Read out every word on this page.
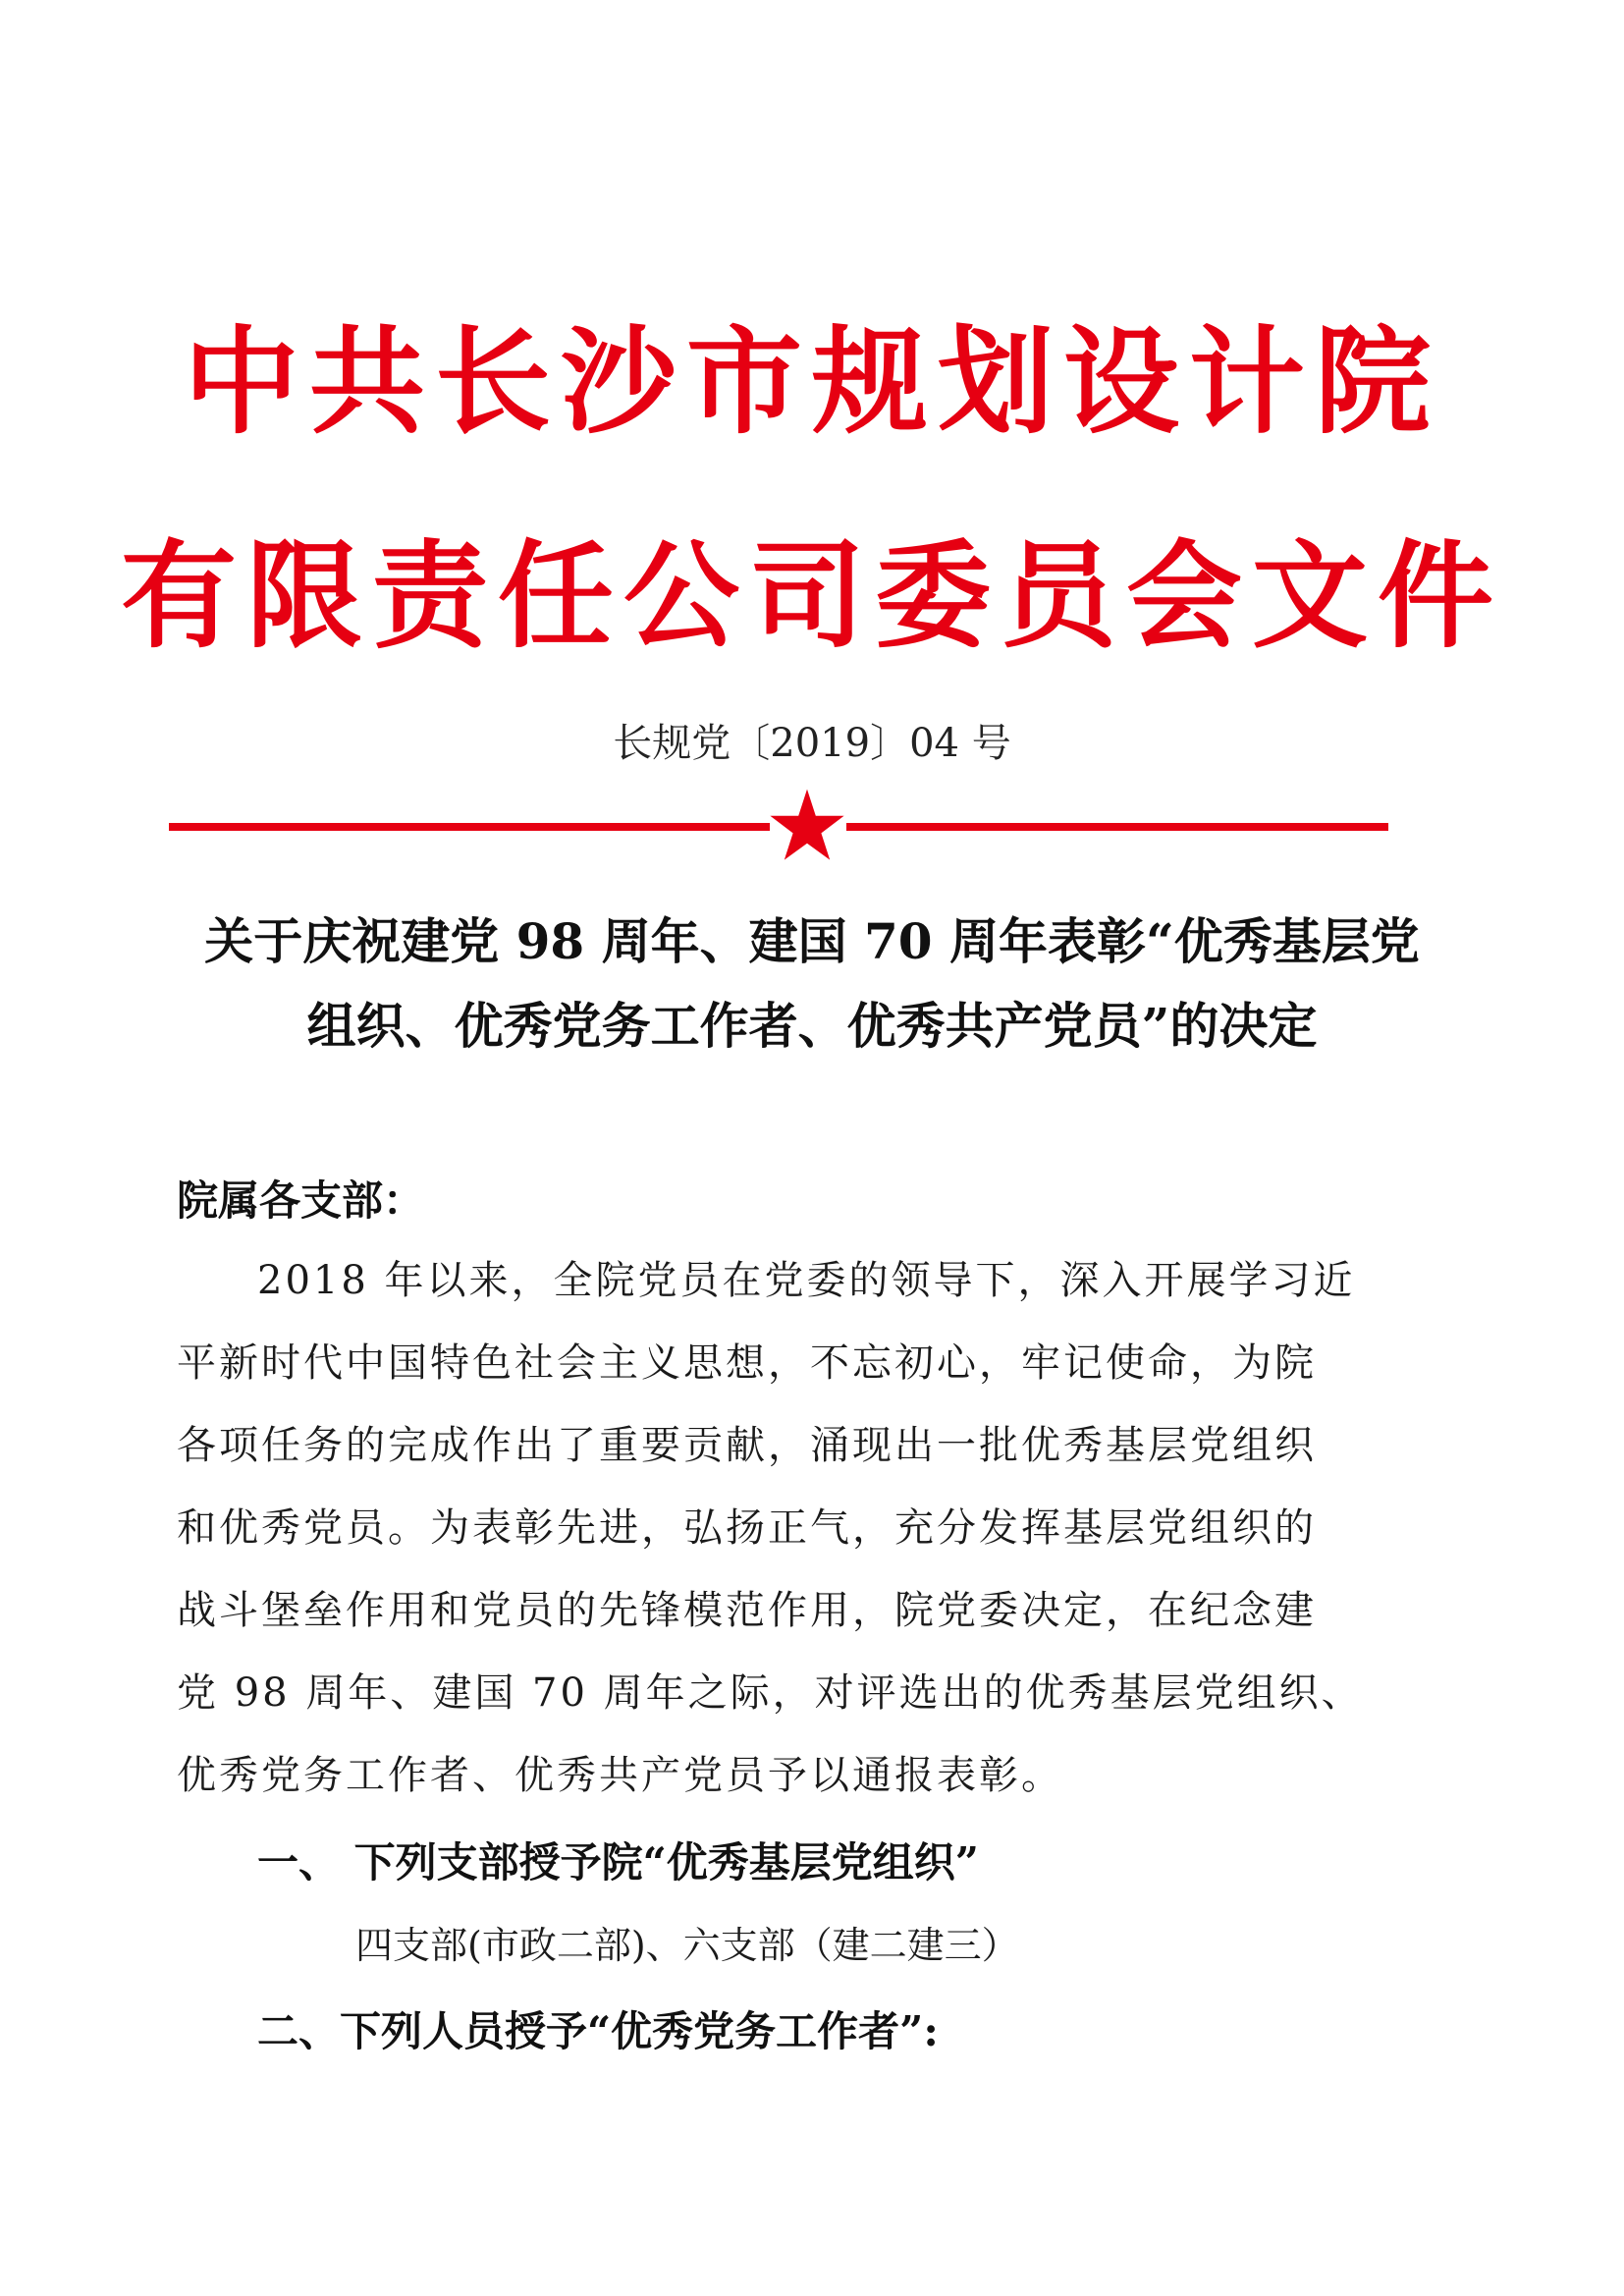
中共长沙市规划设计院
有限责任公司委员会文件
长规党〔2019〕04 号
关于庆祝建党 98 周年、建国 70 周年表彰“优秀基层党
组织、优秀党务工作者、优秀共产党员”的决定
院属各支部：
2018 年以来，全院党员在党委的领导下，深入开展学习近
平新时代中国特色社会主义思想，不忘初心，牢记使命，为院
各项任务的完成作出了重要贡献，涌现出一批优秀基层党组织
和优秀党员。为表彰先进，弘扬正气，充分发挥基层党组织的
战斗堡垒作用和党员的先锋模范作用，院党委决定，在纪念建
党 98 周年、建国 70 周年之际，对评选出的优秀基层党组织、
优秀党务工作者、优秀共产党员予以通报表彰。
一、 下列支部授予院“优秀基层党组织”
四支部(市政二部)、六支部（建二建三）
二、下列人员授予“优秀党务工作者”:
